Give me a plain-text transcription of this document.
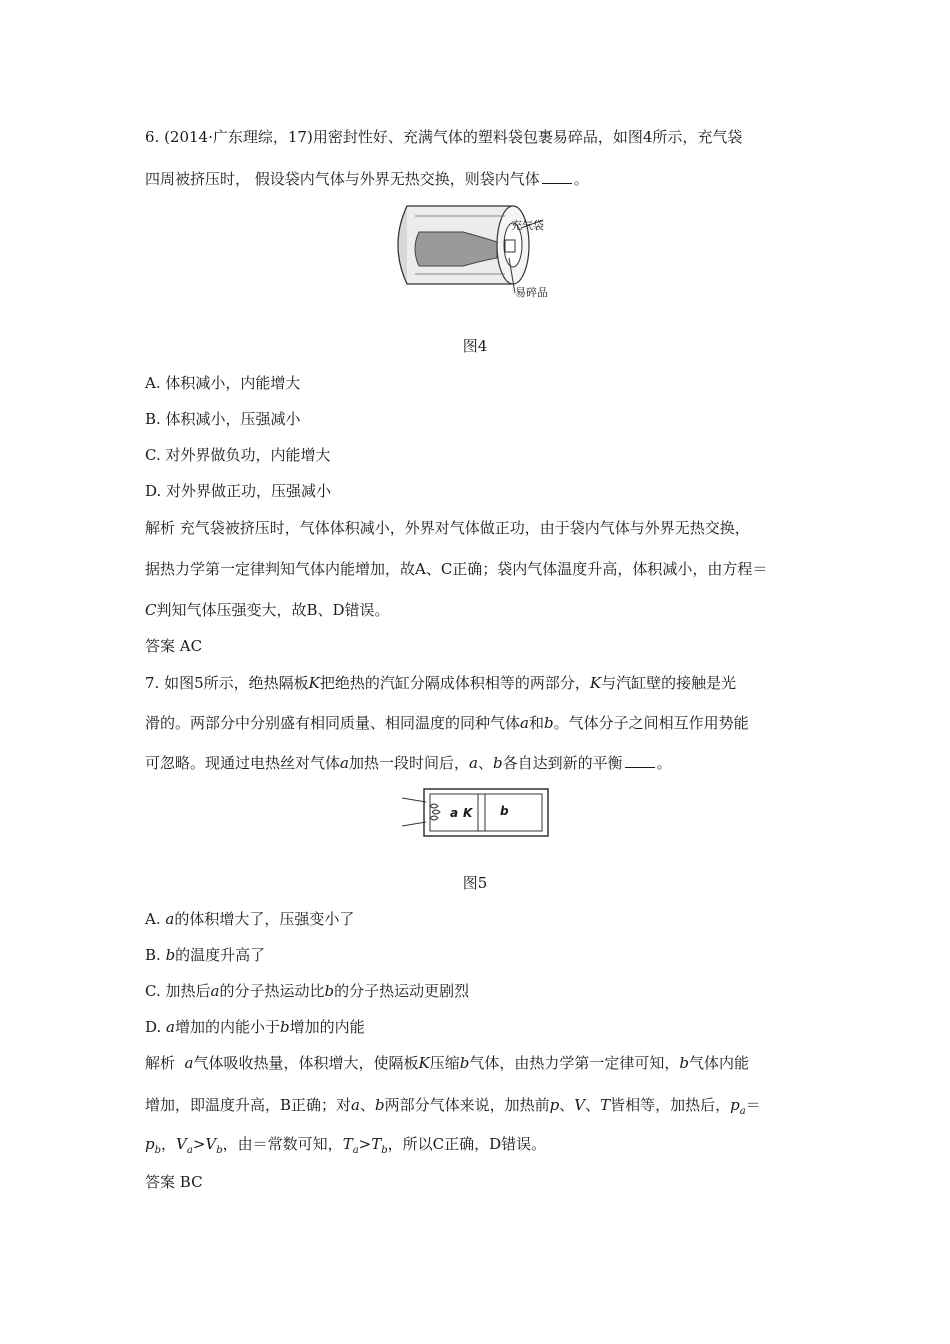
6. (2014·广东理综，17)用密封性好、充满气体的塑料袋包裹易碎品，如图4所示，充气袋
四周被挤压时， 假设袋内气体与外界无热交换，则袋内气体 。
充气袋
易碎品
图4
A. 体积减小，内能增大
B. 体积减小，压强减小
C. 对外界做负功，内能增大
D. 对外界做正功，压强减小
解析 充气袋被挤压时，气体体积减小，外界对气体做正功，由于袋内气体与外界无热交换，
据热力学第一定律判知气体内能增加，故A、C正确；袋内气体温度升高，体积减小，由方程＝
C判知气体压强变大，故B、D错误。
答案 AC
7. 如图5所示，绝热隔板K把绝热的汽缸分隔成体积相等的两部分，K与汽缸壁的接触是光
滑的。两部分中分别盛有相同质量、相同温度的同种气体a和b。气体分子之间相互作用势能
可忽略。现通过电热丝对气体a加热一段时间后，a、b各自达到新的平衡 。
a K b
图5
A. a的体积增大了，压强变小了
B. b的温度升高了
C. 加热后a的分子热运动比b的分子热运动更剧烈
D. a增加的内能小于b增加的内能
解析  a气体吸收热量，体积增大，使隔板K压缩b气体，由热力学第一定律可知，b气体内能
增加，即温度升高，B正确；对a、b两部分气体来说，加热前p、V、T皆相等，加热后，$p_a=$
$p_b$，$V_a>V_b$，由＝常数可知，$T_a>T_b$，所以C正确，D错误。
答案 BC
